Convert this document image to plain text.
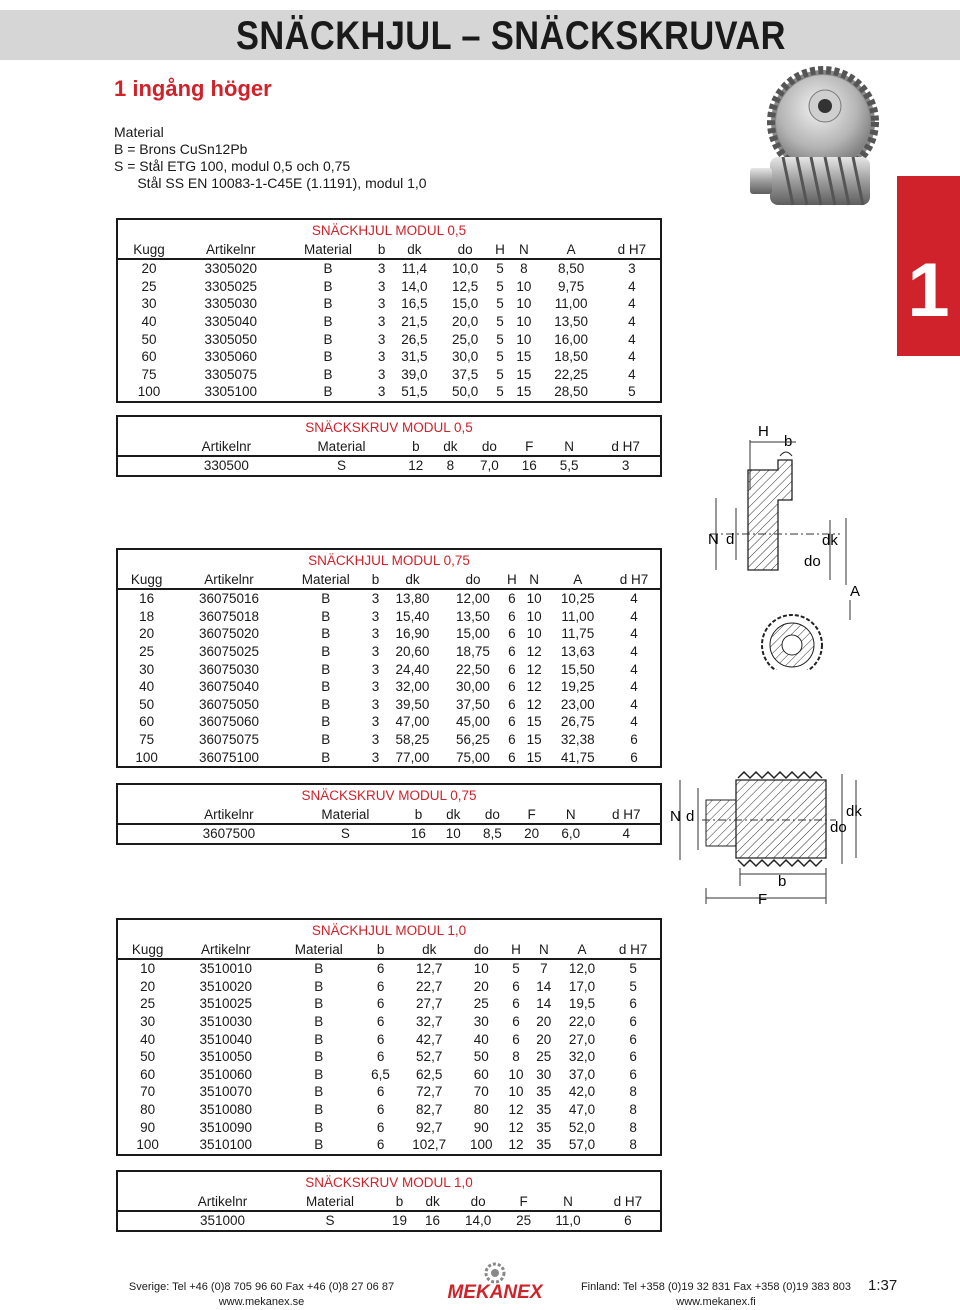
SNÄCKHJUL – SNÄCKSKRUVAR
1 ingång höger
Material
B = Brons CuSn12Pb
S = Stål ETG 100, modul 0,5 och 0,75
Stål SS EN 10083-1-C45E (1.1191), modul 1,0
1
SNÄCKHJUL MODUL 0,5									
Kugg	Artikelnr	Material	b	dk	do	H	N	A	d H7
20	3305020	B	3	11,4	10,0	5	8	8,50	3
25	3305025	B	3	14,0	12,5	5	10	9,75	4
30	3305030	B	3	16,5	15,0	5	10	11,00	4
40	3305040	B	3	21,5	20,0	5	10	13,50	4
50	3305050	B	3	26,5	25,0	5	10	16,00	4
60	3305060	B	3	31,5	30,0	5	15	18,50	4
75	3305075	B	3	39,0	37,5	5	15	22,25	4
100	3305100	B	3	51,5	50,0	5	15	28,50	5
SNÄCKSKRUV MODUL 0,5								
	Artikelnr	Material	b	dk	do	F	N	d H7
	330500	S	12	8	7,0	16	5,5	3
H
b
N d	dk
do
A
SNÄCKHJUL MODUL 0,75									
Kugg	Artikelnr	Material	b	dk	do	H	N	A	d H7
16	36075016	B	3	13,80	12,00	6	10	10,25	4
18	36075018	B	3	15,40	13,50	6	10	11,00	4
20	36075020	B	3	16,90	15,00	6	10	11,75	4
25	36075025	B	3	20,60	18,75	6	12	13,63	4
30	36075030	B	3	24,40	22,50	6	12	15,50	4
40	36075040	B	3	32,00	30,00	6	12	19,25	4
50	36075050	B	3	39,50	37,50	6	12	23,00	4
60	36075060	B	3	47,00	45,00	6	15	26,75	4
75	36075075	B	3	58,25	56,25	6	15	32,38	6
100	36075100	B	3	77,00	75,00	6	15	41,75	6
SNÄCKSKRUV MODUL 0,75								
	Artikelnr	Material	b	dk	do	F	N	d H7
	3607500	S	16	10	8,5	20	6,0	4
N d	dk
do
b
F
SNÄCKHJUL MODUL 1,0									
Kugg	Artikelnr	Material	b	dk	do	H	N	A	d H7
10	3510010	B	6	12,7	10	5	7	12,0	5
20	3510020	B	6	22,7	20	6	14	17,0	5
25	3510025	B	6	27,7	25	6	14	19,5	6
30	3510030	B	6	32,7	30	6	20	22,0	6
40	3510040	B	6	42,7	40	6	20	27,0	6
50	3510050	B	6	52,7	50	8	25	32,0	6
60	3510060	B	6,5	62,5	60	10	30	37,0	6
70	3510070	B	6	72,7	70	10	35	42,0	8
80	3510080	B	6	82,7	80	12	35	47,0	8
90	3510090	B	6	92,7	90	12	35	52,0	8
100	3510100	B	6	102,7	100	12	35	57,0	8
SNÄCKSKRUV MODUL 1,0								
	Artikelnr	Material	b	dk	do	F	N	d H7
	351000	S	19	16	14,0	25	11,0	6
Sverige: Tel +46 (0)8 705 96 60 Fax +46 (0)8 27 06 87
www.mekanex.se	MEKANEX	Finland: Tel +358 (0)19 32 831 Fax +358 (0)19 383 803
www.mekanex.fi
1:37
